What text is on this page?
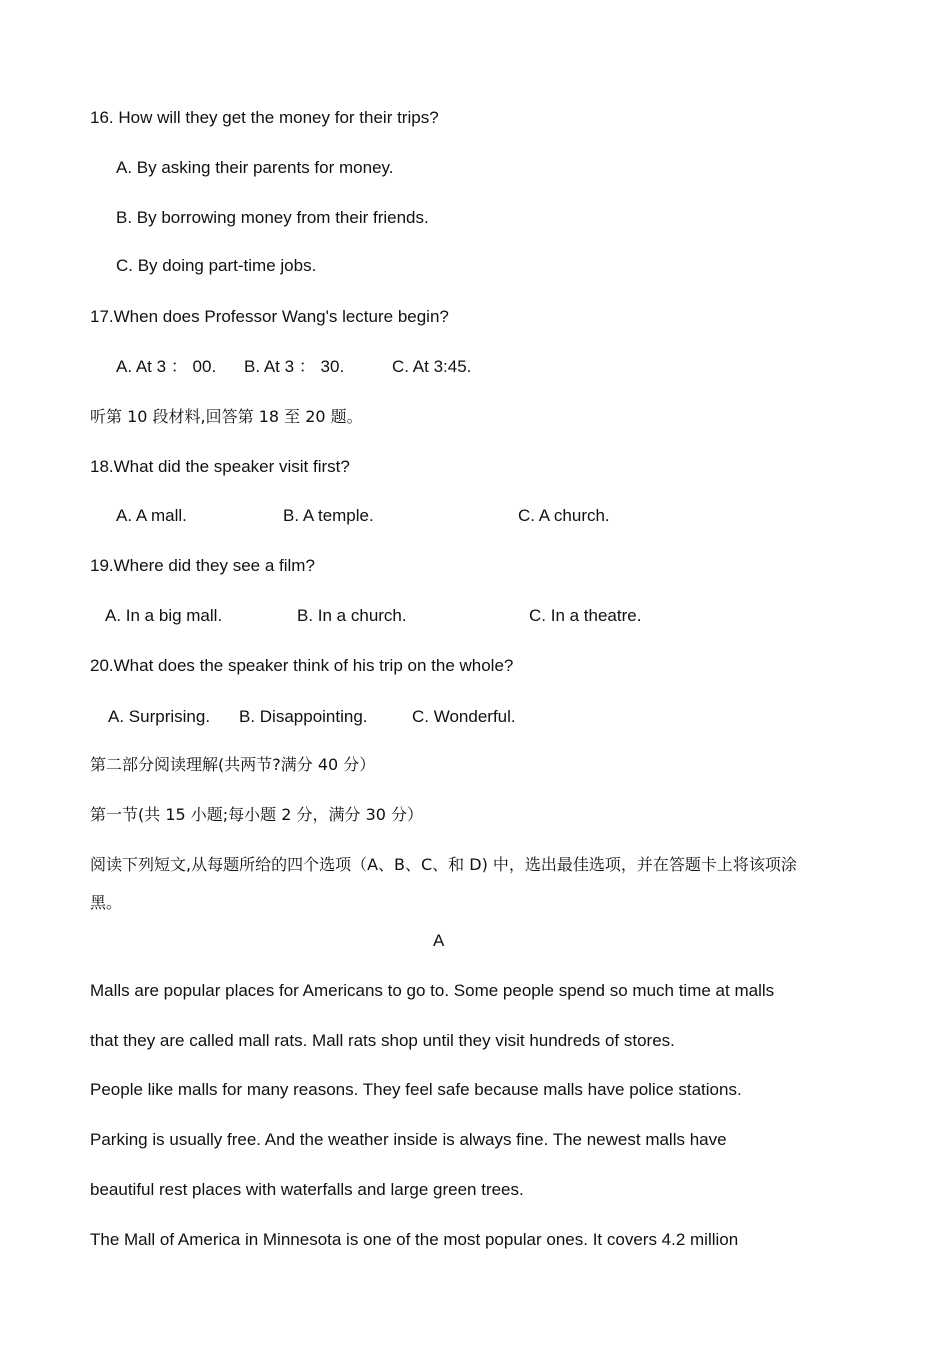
16. How will they get the money for their trips?
A. By asking their parents for money.
B. By borrowing money from their friends.
C. By doing part-time jobs.
17.When does Professor Wang's lecture begin?
A. At 3 ： 00. B. At 3 ： 30.	C. At 3:45.
听第 10 段材料,回答第 18 至 20 题。
18.What did the speaker visit first?
A. A mall.	B. A temple.	C. A church.
19.Where did they see a film?
A. In a big mall.	B. In a church.	C. In a theatre.
20.What does the speaker think of his trip on the whole?
A. Surprising. B. Disappointing.	C. Wonderful.
第二部分阅读理解(共两节?满分 40 分）
第一节(共 15 小题;每小题 2 分，满分 30 分）
阅读下列短文,从每题所给的四个选项（A、B、C、和 D) 中，选出最佳选项，并在答题卡上将该项涂
黑。
A
Malls are popular places for Americans to go to. Some people spend so much time at malls
that they are called mall rats. Mall rats shop until they visit hundreds of stores.
People like malls for many reasons. They feel safe because malls have police stations.
Parking is usually free. And the weather inside is always fine. The newest malls have
beautiful rest places with waterfalls and large green trees.
The Mall of America in Minnesota is one of the most popular ones. It covers 4.2 million
